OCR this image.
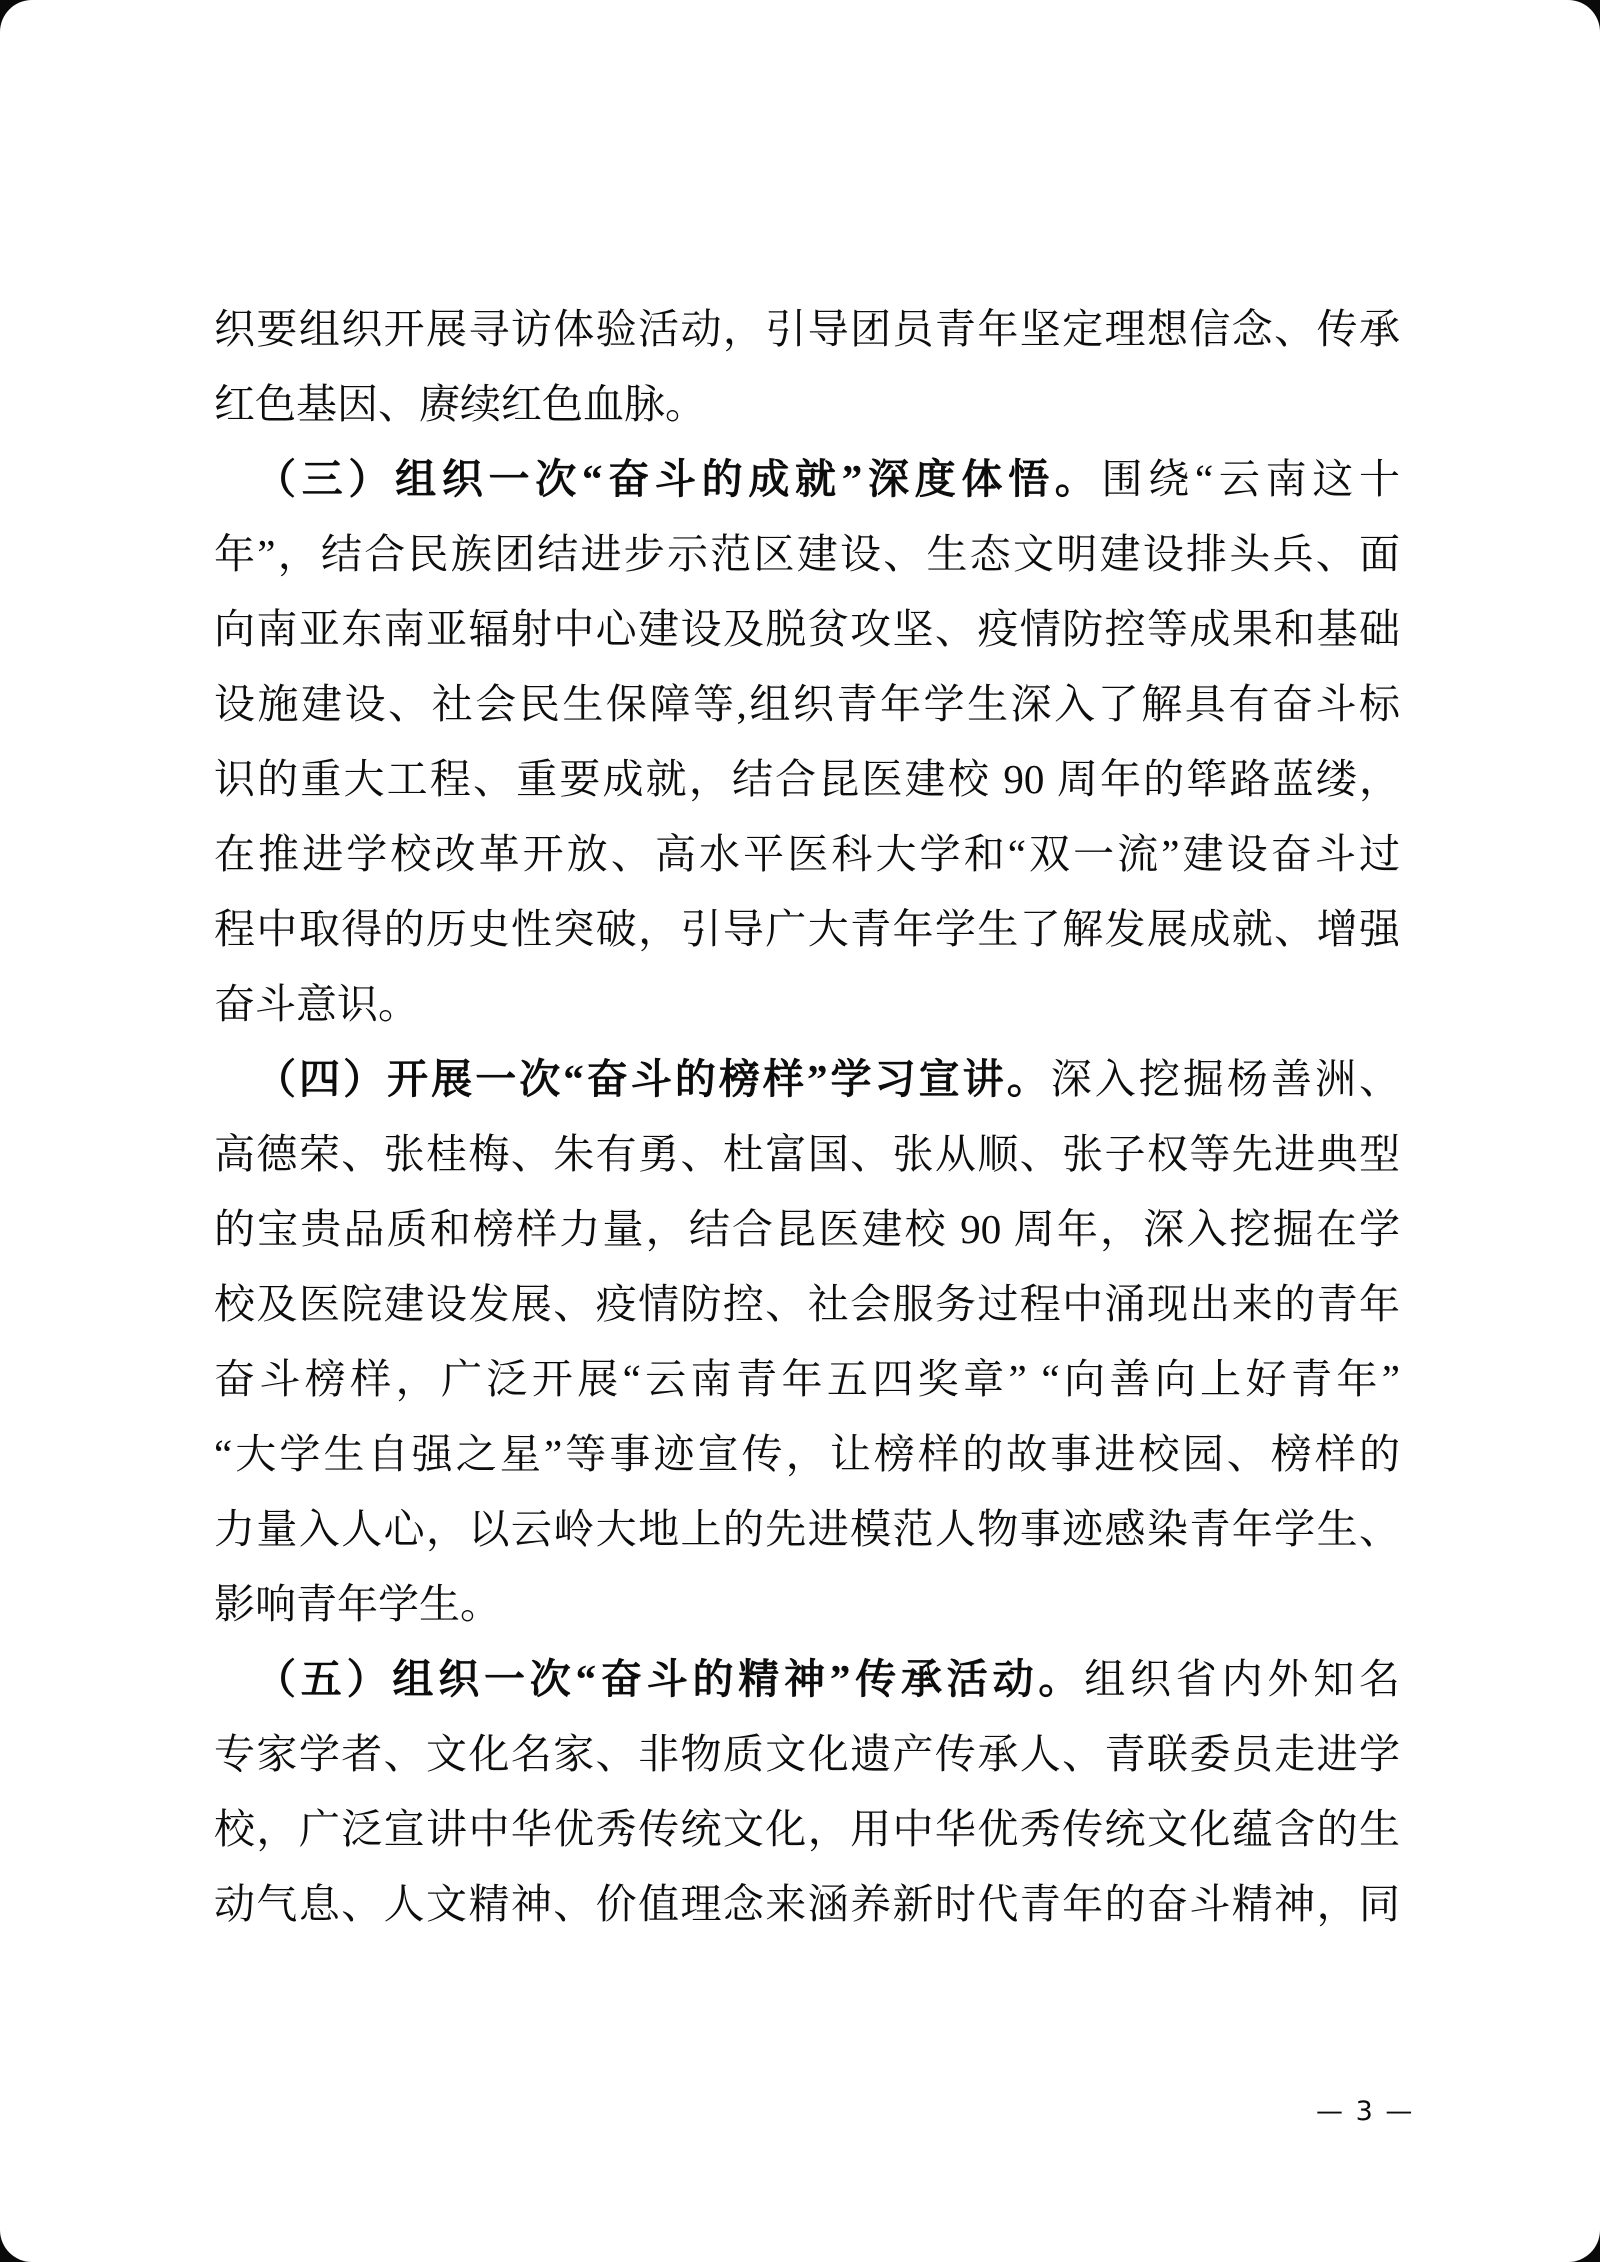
织要组织开展寻访体验活动，引导团员青年坚定理想信念、传承
红色基因、赓续红色血脉。
（三）组织一次“奋斗的成就”深度体悟。围绕“云南这十
年”，结合民族团结进步示范区建设、生态文明建设排头兵、面
向南亚东南亚辐射中心建设及脱贫攻坚、疫情防控等成果和基础
设施建设、社会民生保障等,组织青年学生深入了解具有奋斗标
识的重大工程、重要成就，结合昆医建校 90 周年的筚路蓝缕，
在推进学校改革开放、高水平医科大学和“双一流”建设奋斗过
程中取得的历史性突破，引导广大青年学生了解发展成就、增强
奋斗意识。
（四）开展一次“奋斗的榜样”学习宣讲。深入挖掘杨善洲、
高德荣、张桂梅、朱有勇、杜富国、张从顺、张子权等先进典型
的宝贵品质和榜样力量，结合昆医建校 90 周年，深入挖掘在学
校及医院建设发展、疫情防控、社会服务过程中涌现出来的青年
奋斗榜样，广泛开展“云南青年五四奖章” “向善向上好青年”
“大学生自强之星”等事迹宣传，让榜样的故事进校园、榜样的
力量入人心，以云岭大地上的先进模范人物事迹感染青年学生、
影响青年学生。
（五）组织一次“奋斗的精神”传承活动。组织省内外知名
专家学者、文化名家、非物质文化遗产传承人、青联委员走进学
校，广泛宣讲中华优秀传统文化，用中华优秀传统文化蕴含的生
动气息、人文精神、价值理念来涵养新时代青年的奋斗精神，同
— 3 —
